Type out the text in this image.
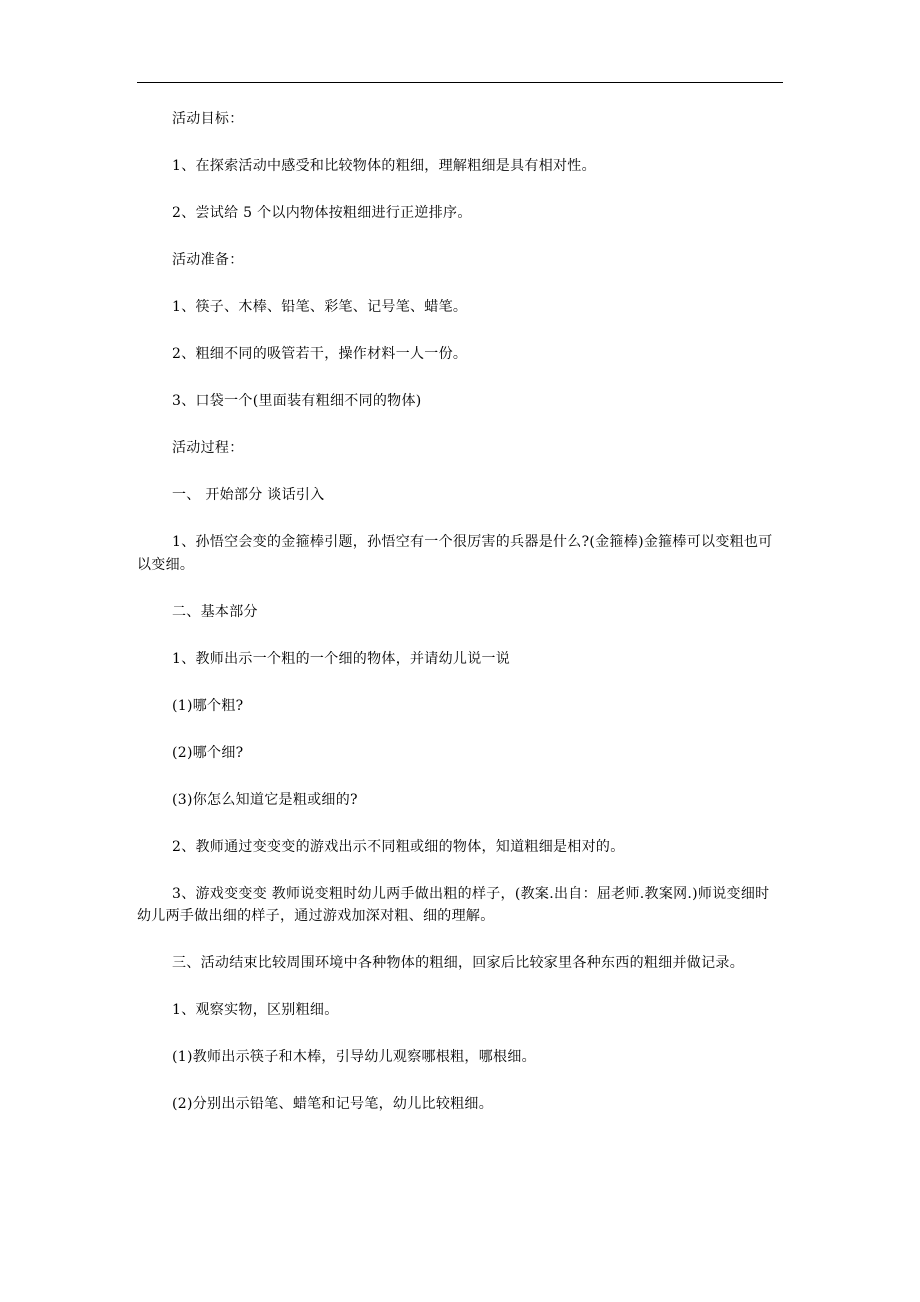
活动目标：

1、在探索活动中感受和比较物体的粗细，理解粗细是具有相对性。

2、尝试给 5 个以内物体按粗细进行正逆排序。

活动准备：

1、筷子、木棒、铅笔、彩笔、记号笔、蜡笔。

2、粗细不同的吸管若干，操作材料一人一份。

3、口袋一个(里面装有粗细不同的物体)

活动过程：

一、 开始部分 谈话引入

1、孙悟空会变的金箍棒引题，孙悟空有一个很厉害的兵器是什么?(金箍棒)金箍棒可以变粗也可以变细。

二、基本部分

1、教师出示一个粗的一个细的物体，并请幼儿说一说

(1)哪个粗?

(2)哪个细?

(3)你怎么知道它是粗或细的?

2、教师通过变变变的游戏出示不同粗或细的物体，知道粗细是相对的。

3、游戏变变变 教师说变粗时幼儿两手做出粗的样子，(教案.出自：屈老师.教案网.)师说变细时幼儿两手做出细的样子，通过游戏加深对粗、细的理解。

三、活动结束比较周围环境中各种物体的粗细，回家后比较家里各种东西的粗细并做记录。

1、观察实物，区别粗细。

(1)教师出示筷子和木棒，引导幼儿观察哪根粗，哪根细。

(2)分别出示铅笔、蜡笔和记号笔，幼儿比较粗细。
